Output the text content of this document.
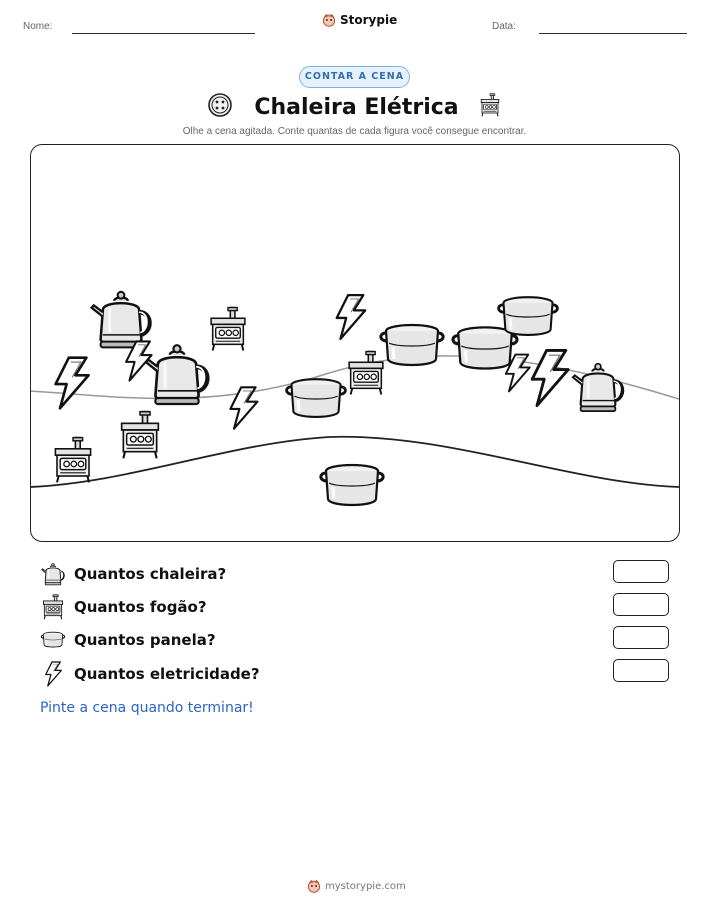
Nome:	Storypie	Data:
CONTAR A CENA
Chaleira Elétrica
Olhe a cena agitada. Conte quantas de cada figura você consegue encontrar.
Quantos chaleira?
Quantos fogão?
Quantos panela?
Quantos eletricidade?
Pinte a cena quando terminar!
mystorypie.com
